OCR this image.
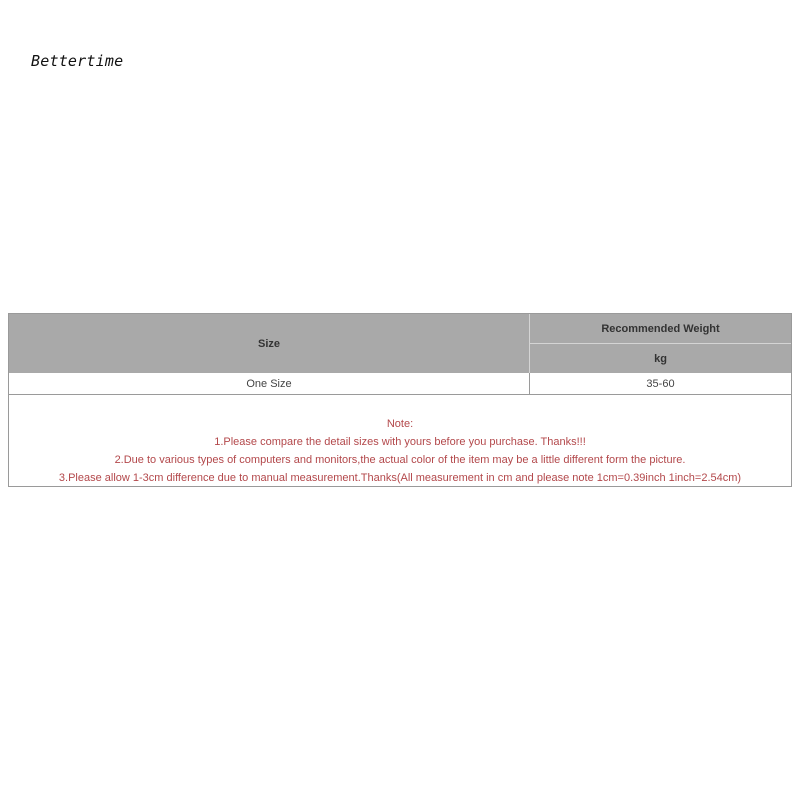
Bettertime
Size
Recommended Weight
kg
One Size	35-60
Note:
1.Please compare the detail sizes with yours before you purchase. Thanks!!!
2.Due to various types of computers and monitors,the actual color of the item may be a little different form the picture.
3.Please allow 1-3cm difference due to manual measurement.Thanks(All measurement in cm and please note 1cm=0.39inch 1inch=2.54cm)
